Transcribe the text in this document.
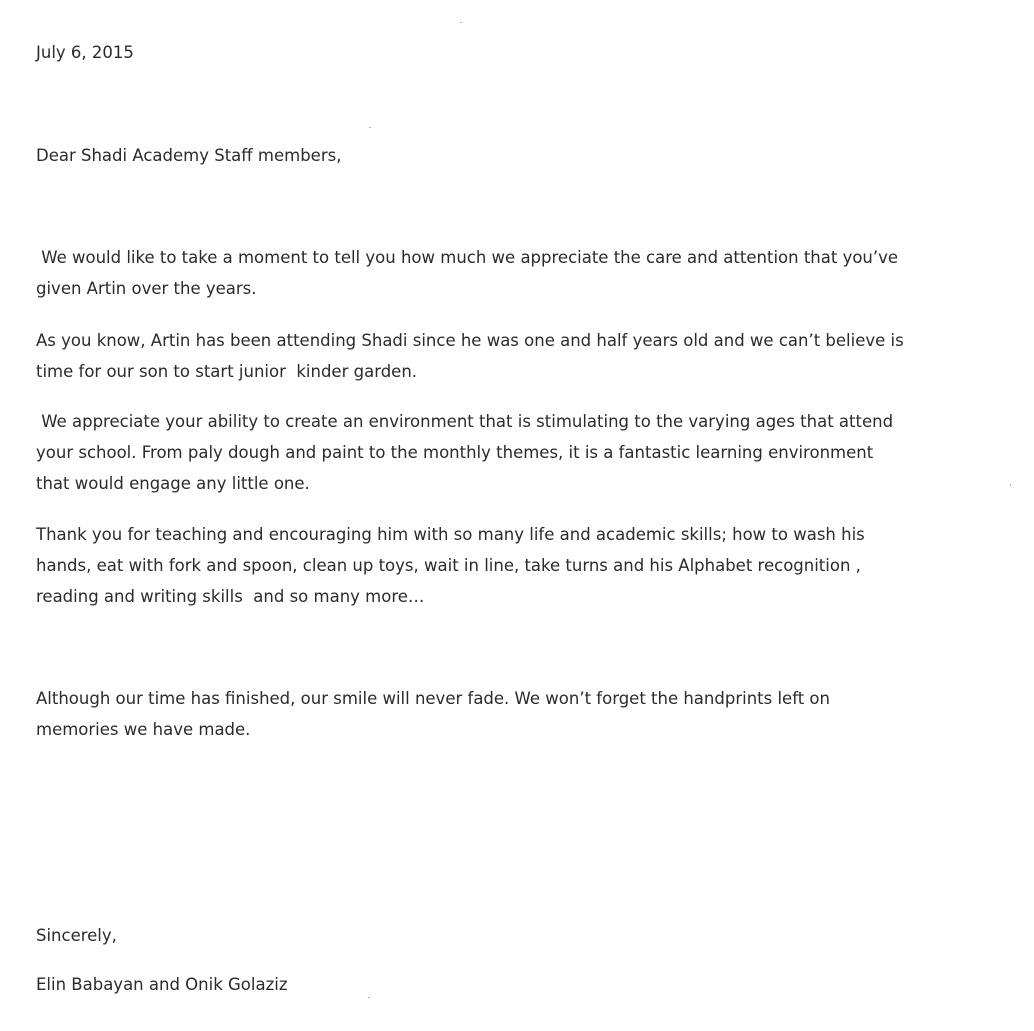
July 6, 2015

Dear Shadi Academy Staff members,

We would like to take a moment to tell you how much we appreciate the care and attention that you’ve
given Artin over the years.
As you know, Artin has been attending Shadi since he was one and half years old and we can’t believe is
time for our son to start junior  kinder garden.
We appreciate your ability to create an environment that is stimulating to the varying ages that attend
your school. From paly dough and paint to the monthly themes, it is a fantastic learning environment
that would engage any little one.
Thank you for teaching and encouraging him with so many life and academic skills; how to wash his
hands, eat with fork and spoon, clean up toys, wait in line, take turns and his Alphabet recognition ,
reading and writing skills  and so many more…
Although our time has finished, our smile will never fade. We won’t forget the handprints left on
memories we have made.

Sincerely,

Elin Babayan and Onik Golaziz
